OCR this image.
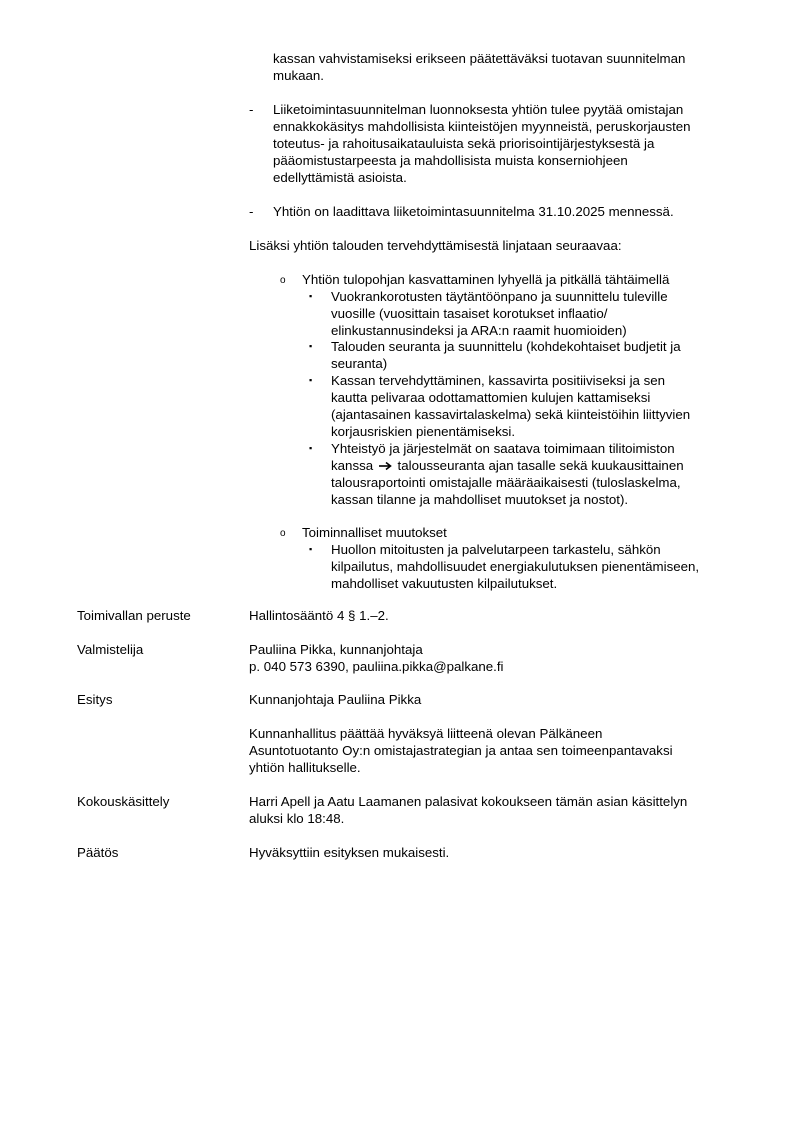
kassan vahvistamiseksi erikseen päätettäväksi tuotavan suunnitelman
mukaan.
- Liiketoimintasuunnitelman luonnoksesta yhtiön tulee pyytää omistajan
ennakkokäsitys mahdollisista kiinteistöjen myynneistä, peruskorjausten
toteutus- ja rahoitusaikatauluista sekä priorisointijärjestyksestä ja
pääomistustarpeesta ja mahdollisista muista konserniohjeen
edellyttämistä asioista.
- Yhtiön on laadittava liiketoimintasuunnitelma 31.10.2025 mennessä.
Lisäksi yhtiön talouden tervehdyttämisestä linjataan seuraavaa:
o Yhtiön tulopohjan kasvattaminen lyhyellä ja pitkällä tähtäimellä
▪ Vuokrankorotusten täytäntöönpano ja suunnittelu tuleville
vuosille (vuosittain tasaiset korotukset inflaatio/
elinkustannusindeksi ja ARA:n raamit huomioiden)
▪ Talouden seuranta ja suunnittelu (kohdekohtaiset budjetit ja
seuranta)
▪ Kassan tervehdyttäminen, kassavirta positiiviseksi ja sen
kautta pelivaraa odottamattomien kulujen kattamiseksi
(ajantasainen kassavirtalaskelma) sekä kiinteistöihin liittyvien
korjausriskien pienentämiseksi.
▪ Yhteistyö ja järjestelmät on saatava toimimaan tilitoimiston
kanssa talousseuranta ajan tasalle sekä kuukausittainen
talousraportointi omistajalle määräaikaisesti (tuloslaskelma,
kassan tilanne ja mahdolliset muutokset ja nostot).
o Toiminnalliset muutokset
▪ Huollon mitoitusten ja palvelutarpeen tarkastelu, sähkön
kilpailutus, mahdollisuudet energiakulutuksen pienentämiseen,
mahdolliset vakuutusten kilpailutukset.
Toimivallan peruste	Hallintosääntö 4 § 1.–2.
Valmistelija	Pauliina Pikka, kunnanjohtaja
p. 040 573 6390, pauliina.pikka@palkane.fi
Esitys	Kunnanjohtaja Pauliina Pikka
Kunnanhallitus päättää hyväksyä liitteenä olevan Pälkäneen
Asuntotuotanto Oy:n omistajastrategian ja antaa sen toimeenpantavaksi
yhtiön hallitukselle.
Kokouskäsittely	Harri Apell ja Aatu Laamanen palasivat kokoukseen tämän asian käsittelyn
aluksi klo 18:48.
Päätös	Hyväksyttiin esityksen mukaisesti.
